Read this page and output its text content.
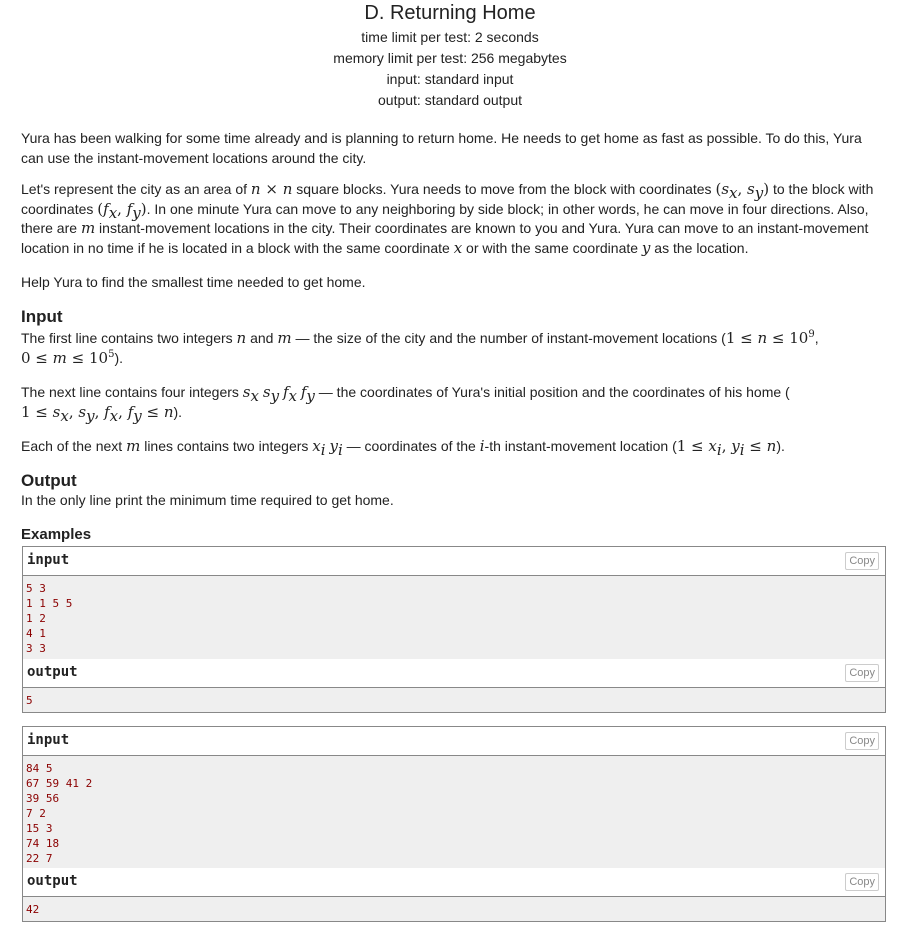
D. Returning Home
time limit per test: 2 seconds
memory limit per test: 256 megabytes
input: standard input
output: standard output
Yura has been walking for some time already and is planning to return home. He needs to get home as fast as possible. To do this, Yura can use the instant-movement locations around the city.
Let's represent the city as an area of n × n square blocks. Yura needs to move from the block with coordinates ($s_x$, $s_y$) to the block with coordinates ($f_x$, $f_y$). In one minute Yura can move to any neighboring by side block; in other words, he can move in four directions. Also, there are m instant-movement locations in the city. Their coordinates are known to you and Yura. Yura can move to an instant-movement location in no time if he is located in a block with the same coordinate x or with the same coordinate y as the location.
Help Yura to find the smallest time needed to get home.
Input
The first line contains two integers n and m — the size of the city and the number of instant-movement locations ($1 \le n \le 10^9$,
$0 \le m \le 10^5$).
The next line contains four integers $s_x$ $s_y$ $f_x$ $f_y$ — the coordinates of Yura's initial position and the coordinates of his home (
$1 \le s_x$, $s_y$, $f_x$, $f_y \le n$).
Each of the next m lines contains two integers $x_i$ $y_i$ — coordinates of the i-th instant-movement location ($1 \le x_i$, $y_i \le n$).
Output
In the only line print the minimum time required to get home.
Examples
input	Copy
5 3
1 1 5 5
1 2
4 1
3 3
output	Copy
5
input	Copy
84 5
67 59 41 2
39 56
7 2
15 3
74 18
22 7
output	Copy
42
